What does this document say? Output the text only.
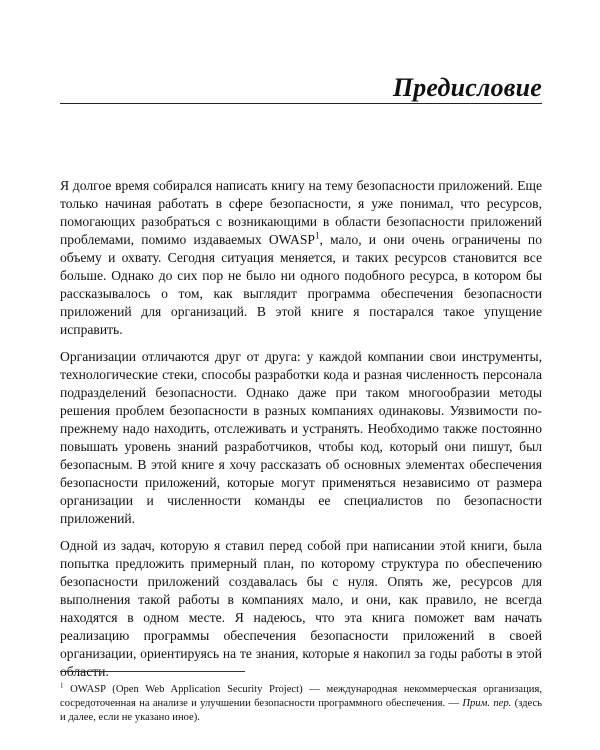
Предисловие

Я долгое время собирался написать книгу на тему безопасности приложений. Еще только начиная работать в сфере безопасности, я уже понимал, что ресурсов, помогающих разобраться с возникающими в области безопасности приложений проблемами, помимо издаваемых OWASP$^1$, мало, и они очень ограничены по объему и охвату. Сегодня ситуация меняется, и таких ресурсов становится все больше. Однако до сих пор не было ни одного подобного ресурса, в котором бы рассказывалось о том, как выглядит программа обеспечения безопасности приложений для организаций. В этой книге я постарался такое упущение исправить.

Организации отличаются друг от друга: у каждой компании свои инструменты, технологические стеки, способы разработки кода и разная численность персонала подразделений безопасности. Однако даже при таком многообразии методы решения проблем безопасности в разных компаниях одинаковы. Уязвимости по-прежнему надо находить, отслеживать и устранять. Необходимо также постоянно повышать уровень знаний разработчиков, чтобы код, который они пишут, был безопасным. В этой книге я хочу рассказать об основных элементах обеспечения безопасности приложений, которые могут применяться независимо от размера организации и численности команды ее специалистов по безопасности приложений.

Одной из задач, которую я ставил перед собой при написании этой книги, была попытка предложить примерный план, по которому структура по обеспечению безопасности приложений создавалась бы с нуля. Опять же, ресурсов для выполнения такой работы в компаниях мало, и они, как правило, не всегда находятся в одном месте. Я надеюсь, что эта книга поможет вам начать реализацию программы обеспечения безопасности приложений в своей организации, ориентируясь на те знания, которые я накопил за годы работы в этой области.

$^1$ OWASP (Open Web Application Security Project) — международная некоммерческая организация, сосредоточенная на анализе и улучшении безопасности программного обеспечения. — Прим. пер. (здесь и далее, если не указано иное).
